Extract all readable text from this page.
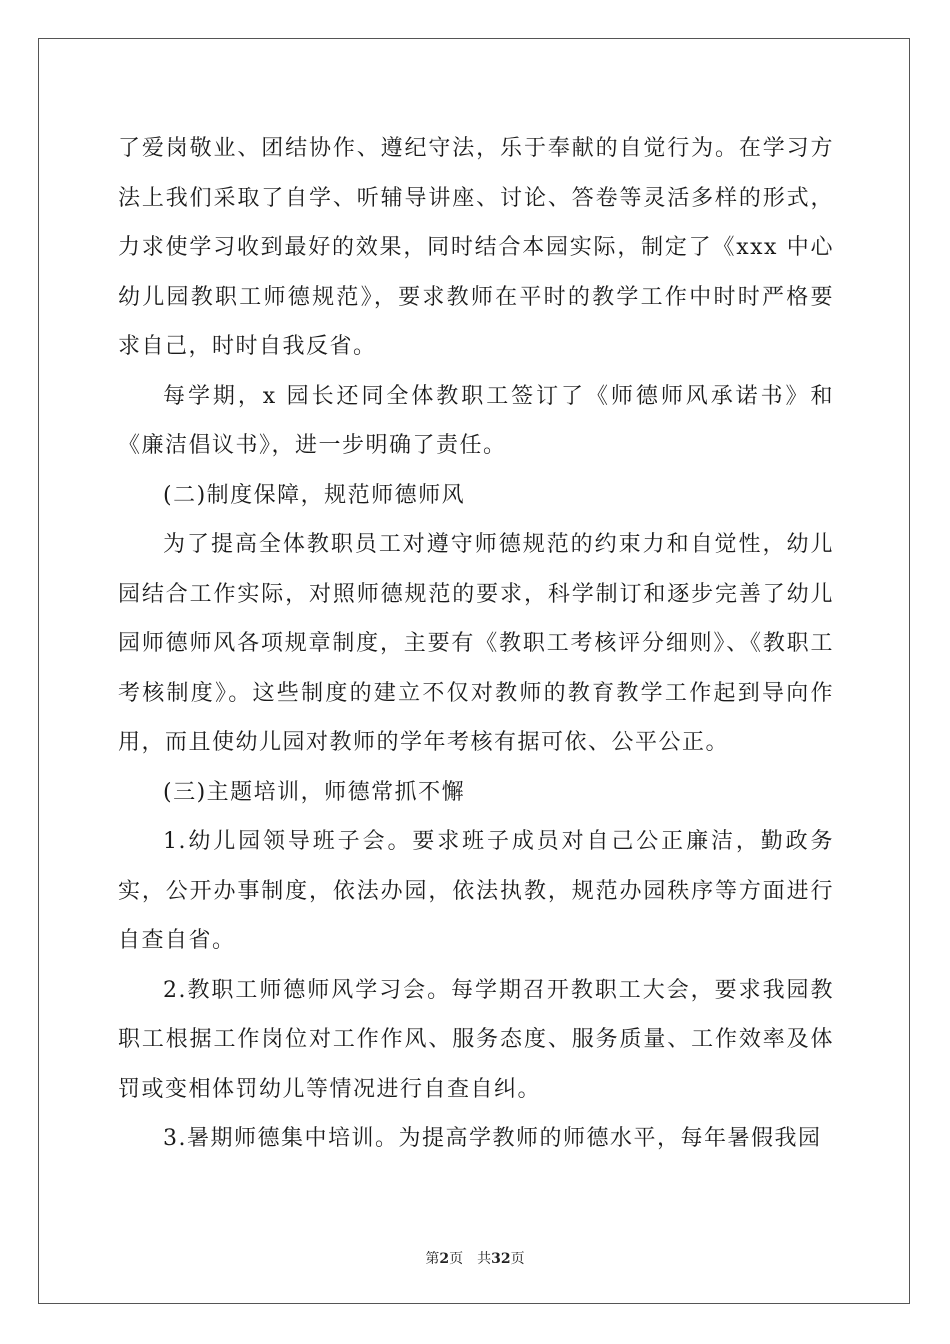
了爱岗敬业、团结协作、遵纪守法，乐于奉献的自觉行为。在学习方法上我们采取了自学、听辅导讲座、讨论、答卷等灵活多样的形式，力求使学习收到最好的效果，同时结合本园实际，制定了《xxx 中心幼儿园教职工师德规范》，要求教师在平时的教学工作中时时严格要求自己，时时自我反省。

每学期，x 园长还同全体教职工签订了《师德师风承诺书》和《廉洁倡议书》，进一步明确了责任。

(二)制度保障，规范师德师风

为了提高全体教职员工对遵守师德规范的约束力和自觉性，幼儿园结合工作实际，对照师德规范的要求，科学制订和逐步完善了幼儿园师德师风各项规章制度，主要有《教职工考核评分细则》、《教职工考核制度》。这些制度的建立不仅对教师的教育教学工作起到导向作用，而且使幼儿园对教师的学年考核有据可依、公平公正。

(三)主题培训，师德常抓不懈

1.幼儿园领导班子会。要求班子成员对自己公正廉洁，勤政务实，公开办事制度，依法办园，依法执教，规范办园秩序等方面进行自查自省。

2.教职工师德师风学习会。每学期召开教职工大会，要求我园教职工根据工作岗位对工作作风、服务态度、服务质量、工作效率及体罚或变相体罚幼儿等情况进行自查自纠。

3.暑期师德集中培训。为提高学教师的师德水平，每年暑假我园

第2页 共32页
